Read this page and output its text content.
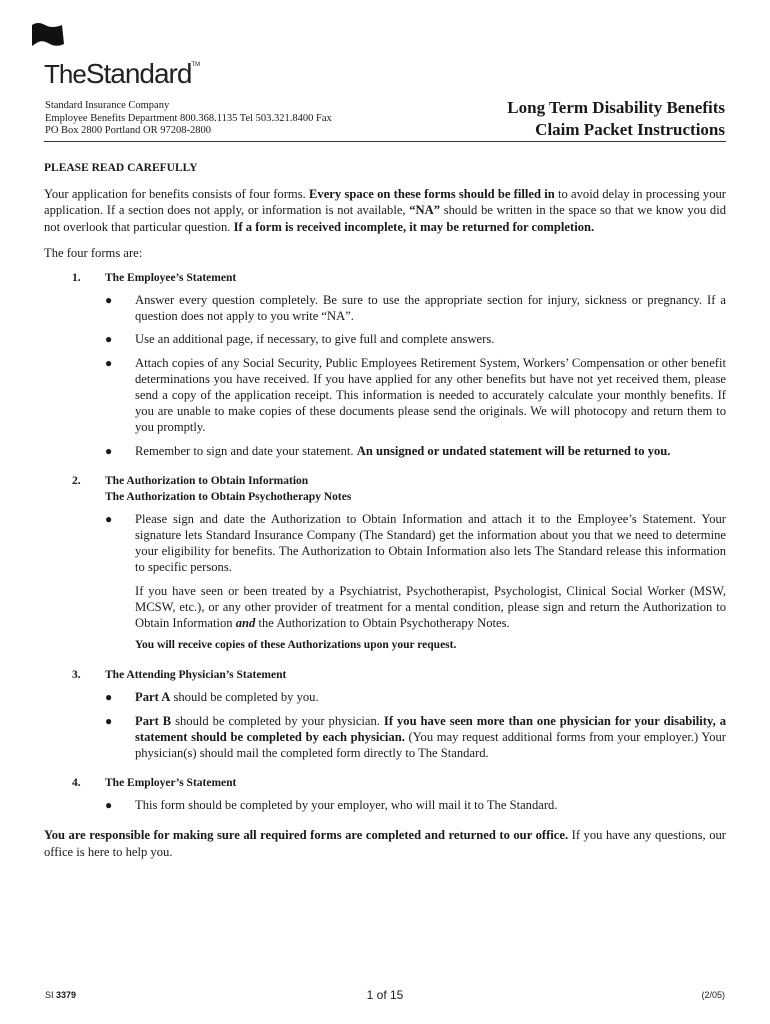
TheStandard™
Standard Insurance Company
Employee Benefits Department 800.368.1135 Tel 503.321.8400 Fax
PO Box 2800 Portland OR 97208-2800
Long Term Disability Benefits
Claim Packet Instructions
PLEASE READ CAREFULLY
Your application for benefits consists of four forms. Every space on these forms should be filled in to avoid delay in processing your application. If a section does not apply, or information is not available, “NA” should be written in the space so that we know you did not overlook that particular question. If a form is received incomplete, it may be returned for completion.
The four forms are:
1. The Employee’s Statement
● Answer every question completely. Be sure to use the appropriate section for injury, sickness or pregnancy. If a question does not apply to you write “NA”.
● Use an additional page, if necessary, to give full and complete answers.
● Attach copies of any Social Security, Public Employees Retirement System, Workers’ Compensation or other benefit determinations you have received. If you have applied for any other benefits but have not yet received them, please send a copy of the application receipt. This information is needed to accurately calculate your monthly benefits. If you are unable to make copies of these documents please send the originals. We will photocopy and return them to you promptly.
● Remember to sign and date your statement. An unsigned or undated statement will be returned to you.
2. The Authorization to Obtain Information
The Authorization to Obtain Psychotherapy Notes
● Please sign and date the Authorization to Obtain Information and attach it to the Employee’s Statement. Your signature lets Standard Insurance Company (The Standard) get the information about you that we need to determine your eligibility for benefits. The Authorization to Obtain Information also lets The Standard release this information to specific persons.
If you have seen or been treated by a Psychiatrist, Psychotherapist, Psychologist, Clinical Social Worker (MSW, MCSW, etc.), or any other provider of treatment for a mental condition, please sign and return the Authorization to Obtain Information and the Authorization to Obtain Psychotherapy Notes.
You will receive copies of these Authorizations upon your request.
3. The Attending Physician’s Statement
● Part A should be completed by you.
● Part B should be completed by your physician. If you have seen more than one physician for your disability, a statement should be completed by each physician. (You may request additional forms from your employer.) Your physician(s) should mail the completed form directly to The Standard.
4. The Employer’s Statement
● This form should be completed by your employer, who will mail it to The Standard.
You are responsible for making sure all required forms are completed and returned to our office. If you have any questions, our office is here to help you.
SI 3379	1 of 15	(2/05)
